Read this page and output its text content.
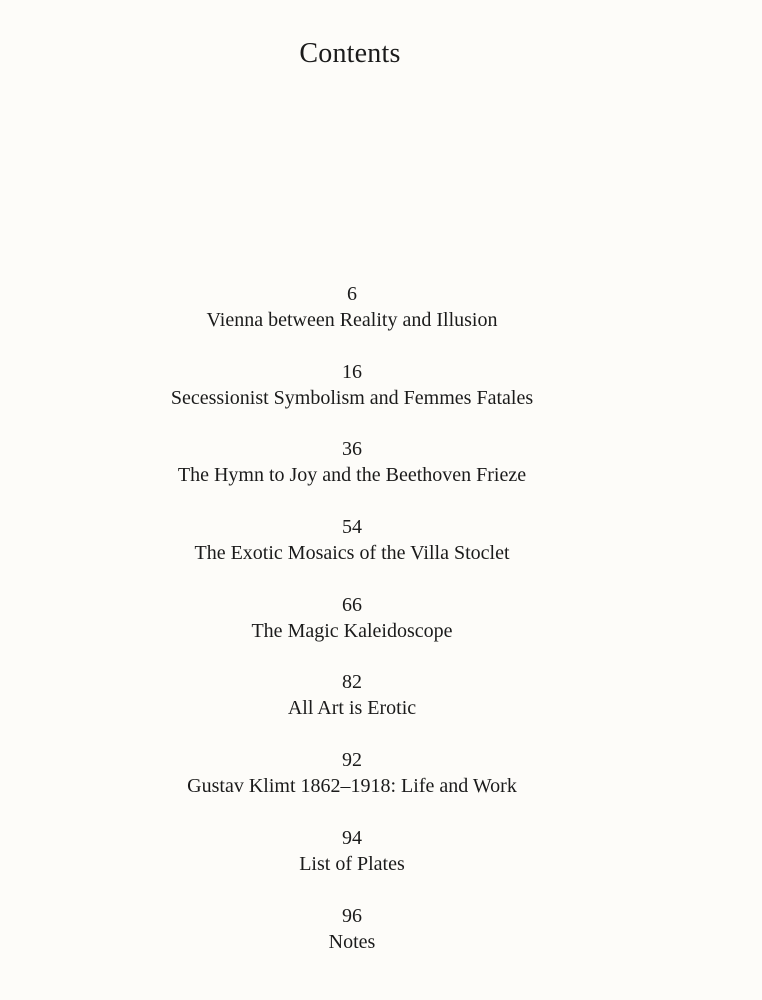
Contents
6
Vienna between Reality and Illusion
16
Secessionist Symbolism and Femmes Fatales
36
The Hymn to Joy and the Beethoven Frieze
54
The Exotic Mosaics of the Villa Stoclet
66
The Magic Kaleidoscope
82
All Art is Erotic
92
Gustav Klimt 1862–1918: Life and Work
94
List of Plates
96
Notes
